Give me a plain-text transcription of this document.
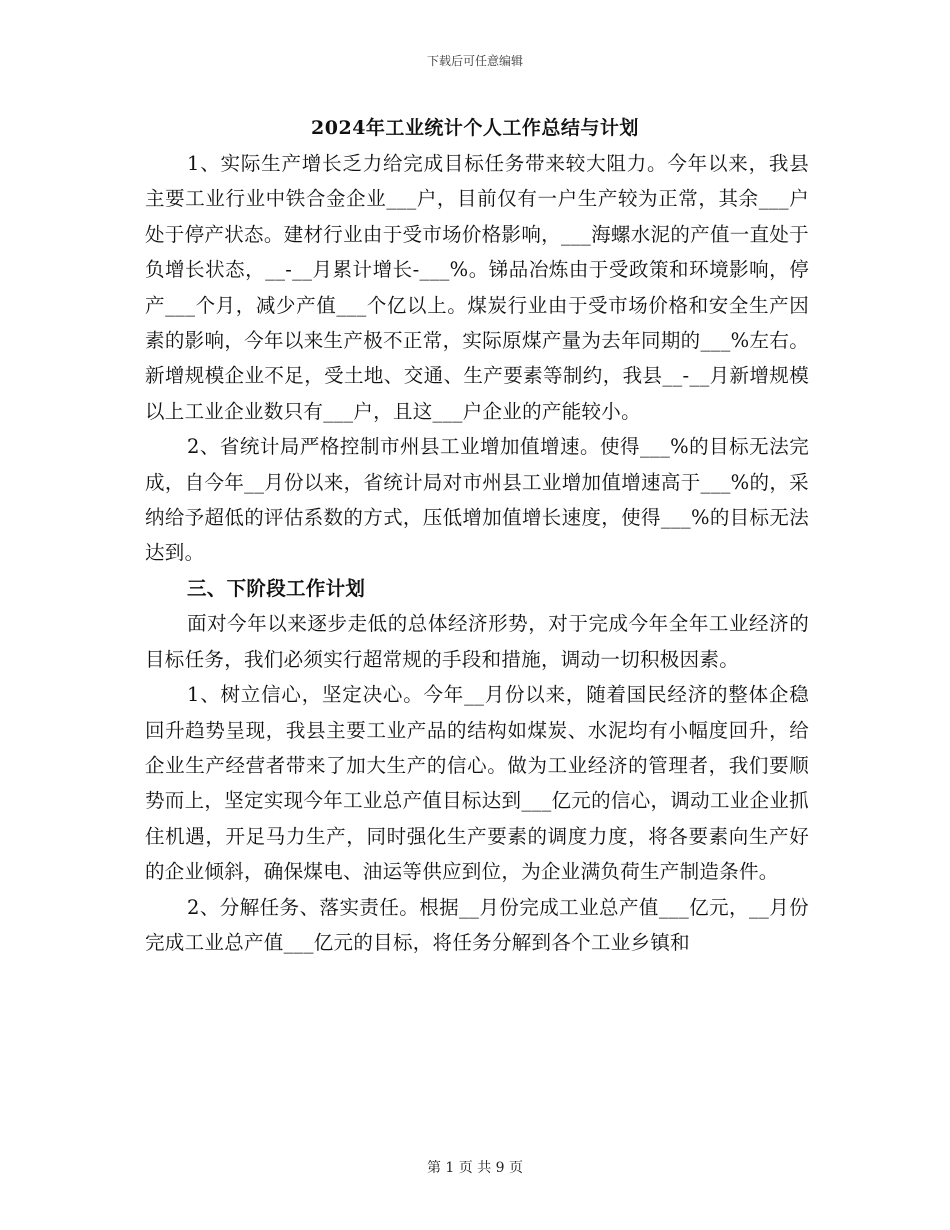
下载后可任意编辑
2024年工业统计个人工作总结与计划

1、实际生产增长乏力给完成目标任务带来较大阻力。今年以来，我县主要工业行业中铁合金企业___户，目前仅有一户生产较为正常，其余___户处于停产状态。建材行业由于受市场价格影响，___海螺水泥的产值一直处于负增长状态，__-__月累计增长-___%。锑品冶炼由于受政策和环境影响，停产___个月，减少产值___个亿以上。煤炭行业由于受市场价格和安全生产因素的影响，今年以来生产极不正常，实际原煤产量为去年同期的___%左右。新增规模企业不足，受土地、交通、生产要素等制约，我县__-__月新增规模以上工业企业数只有___户，且这___户企业的产能较小。

2、省统计局严格控制市州县工业增加值增速。使得___%的目标无法完成，自今年__月份以来，省统计局对市州县工业增加值增速高于___%的，采纳给予超低的评估系数的方式，压低增加值增长速度，使得___%的目标无法达到。

三、下阶段工作计划

面对今年以来逐步走低的总体经济形势，对于完成今年全年工业经济的目标任务，我们必须实行超常规的手段和措施，调动一切积极因素。

1、树立信心，坚定决心。今年__月份以来，随着国民经济的整体企稳回升趋势呈现，我县主要工业产品的结构如煤炭、水泥均有小幅度回升，给企业生产经营者带来了加大生产的信心。做为工业经济的管理者，我们要顺势而上，坚定实现今年工业总产值目标达到___亿元的信心，调动工业企业抓住机遇，开足马力生产，同时强化生产要素的调度力度，将各要素向生产好的企业倾斜，确保煤电、油运等供应到位，为企业满负荷生产制造条件。

2、分解任务、落实责任。根据__月份完成工业总产值___亿元，__月份完成工业总产值___亿元的目标，将任务分解到各个工业乡镇和

第 1 页 共 9 页
